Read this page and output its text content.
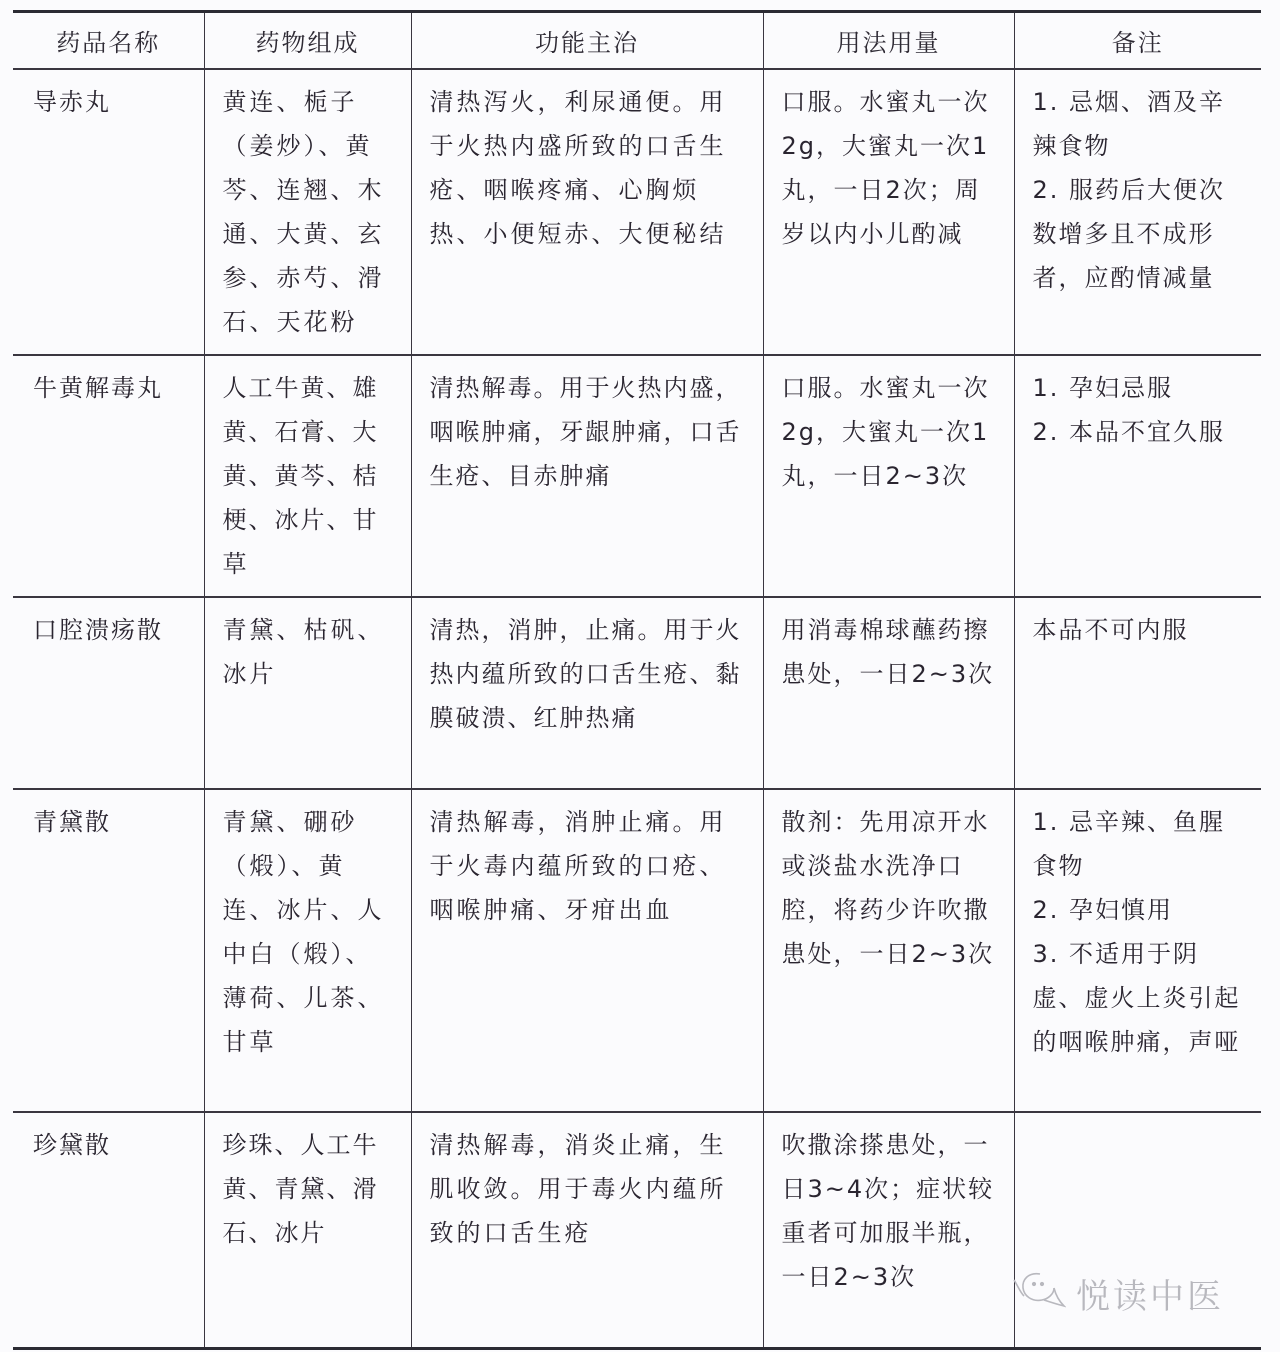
药品名称	药物组成	功能主治	用法用量	备注
导赤丸	黄连、栀子（姜炒）、黄芩、连翘、木通、大黄、玄参、赤芍、滑石、天花粉	清热泻火，利尿通便。用于火热内盛所致的口舌生疮、咽喉疼痛、心胸烦热、小便短赤、大便秘结	口服。水蜜丸一次2g，大蜜丸一次1丸，一日2次；周岁以内小儿酌减	1. 忌烟、酒及辛辣食物
2. 服药后大便次数增多且不成形者，应酌情减量

牛黄解毒丸	人工牛黄、雄黄、石膏、大黄、黄芩、桔梗、冰片、甘草	清热解毒。用于火热内盛，咽喉肿痛，牙龈肿痛，口舌生疮、目赤肿痛	口服。水蜜丸一次2g，大蜜丸一次1丸，一日2~3次	1. 孕妇忌服
2. 本品不宜久服

口腔溃疡散	青黛、枯矾、冰片	清热，消肿，止痛。用于火热内蕴所致的口舌生疮、黏膜破溃、红肿热痛	用消毒棉球蘸药擦患处，一日2~3次	本品不可内服

青黛散	青黛、硼砂（煅）、黄连、冰片、人中白（煅）、薄荷、儿茶、甘草	清热解毒，消肿止痛。用于火毒内蕴所致的口疮、咽喉肿痛、牙疳出血	散剂：先用凉开水或淡盐水洗净口腔，将药少许吹撒患处，一日2~3次	1. 忌辛辣、鱼腥食物
2. 孕妇慎用
3. 不适用于阴虚、虚火上炎引起的咽喉肿痛，声哑

珍黛散	珍珠、人工牛黄、青黛、滑石、冰片	清热解毒，消炎止痛，生肌收敛。用于毒火内蕴所致的口舌生疮	吹撒涂搽患处，一日3~4次；症状较重者可加服半瓶，一日2~3次	
悦读中医
